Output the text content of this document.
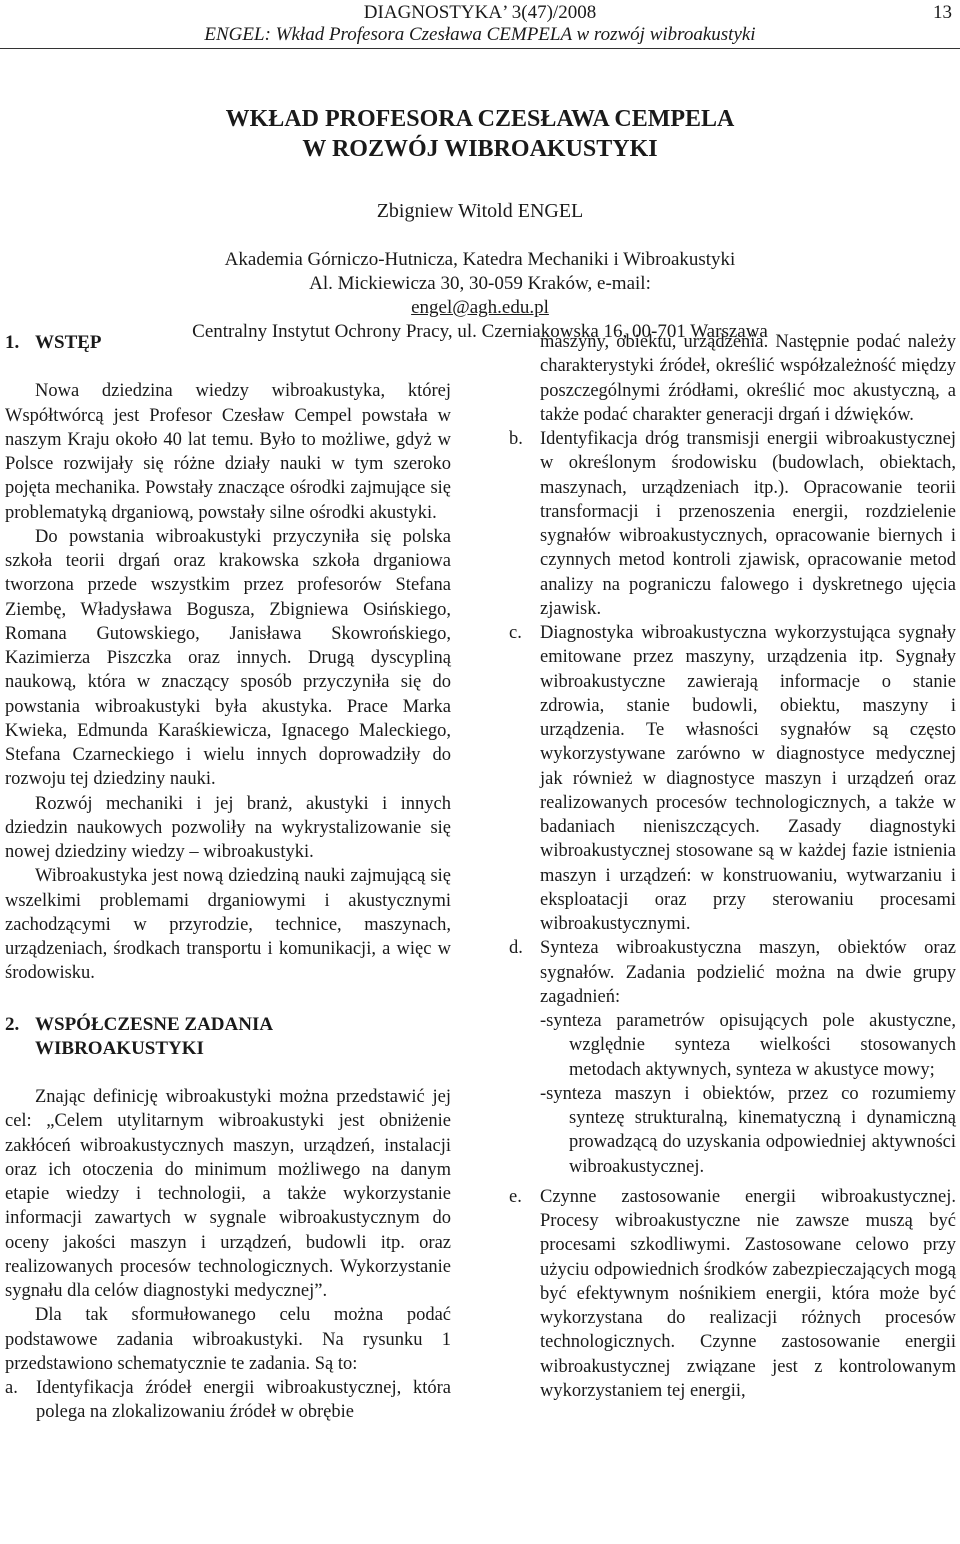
DIAGNOSTYKA’ 3(47)/2008
ENGEL: Wkład Profesora Czesława CEMPELA w rozwój wibroakustyki
13
WKŁAD PROFESORA CZESŁAWA CEMPELA
W ROZWÓJ WIBROAKUSTYKI
Zbigniew Witold ENGEL
Akademia Górniczo-Hutnicza, Katedra Mechaniki i Wibroakustyki
Al. Mickiewicza 30, 30-059 Kraków, e-mail:
engel@agh.edu.pl
Centralny Instytut Ochrony Pracy, ul. Czerniakowska 16, 00-701 Warszawa
1. WSTĘP

Nowa dziedzina wiedzy wibroakustyka, której Współtwórcą jest Profesor Czesław Cempel powstała w naszym Kraju około 40 lat temu. Było to możliwe, gdyż w Polsce rozwijały się różne działy nauki w tym szeroko pojęta mechanika. Powstały znaczące ośrodki zajmujące się problematyką drganiową, powstały silne ośrodki akustyki.

Do powstania wibroakustyki przyczyniła się polska szkoła teorii drgań oraz krakowska szkoła drganiowa tworzona przede wszystkim przez profesorów Stefana Ziembę, Władysława Bogusza, Zbigniewa Osińskiego, Romana Gutowskiego, Janisława Skowrońskiego, Kazimierza Piszczka oraz innych. Drugą dyscypliną naukową, która w znaczący sposób przyczyniła się do powstania wibroakustyki była akustyka. Prace Marka Kwieka, Edmunda Karaśkiewicza, Ignacego Maleckiego, Stefana Czarneckiego i wielu innych doprowadziły do rozwoju tej dziedziny nauki.

Rozwój mechaniki i jej branż, akustyki i innych dziedzin naukowych pozwoliły na wykrystalizowanie się nowej dziedziny wiedzy – wibroakustyki.

Wibroakustyka jest nową dziedziną nauki zajmującą się wszelkimi problemami drganiowymi i akustycznymi zachodzącymi w przyrodzie, technice, maszynach, urządzeniach, środkach transportu i komunikacji, a więc w środowisku.

2. WSPÓŁCZESNE ZADANIA
WIBROAKUSTYKI

Znając definicję wibroakustyki można przedstawić jej cel: „Celem utylitarnym wibroakustyki jest obniżenie zakłóceń wibroakustycznych maszyn, urządzeń, instalacji oraz ich otoczenia do minimum możliwego na danym etapie wiedzy i technologii, a także wykorzystanie informacji zawartych w sygnale wibroakustycznym do oceny jakości maszyn i urządzeń, budowli itp. oraz realizowanych procesów technologicznych. Wykorzystanie sygnału dla celów diagnostyki medycznej”.

Dla tak sformułowanego celu można podać podstawowe zadania wibroakustyki. Na rysunku 1 przedstawiono schematycznie te zadania. Są to:

a. Identyfikacja źródeł energii wibroakustycznej, która polega na zlokalizowaniu źródeł w obrębie
maszyny, obiektu, urządzenia. Następnie podać należy charakterystyki źródeł, określić współzależność między poszczególnymi źródłami, określić moc akustyczną, a także podać charakter generacji drgań i dźwięków.
b. Identyfikacja dróg transmisji energii wibroakustycznej w określonym środowisku (budowlach, obiektach, maszynach, urządzeniach itp.). Opracowanie teorii transformacji i przenoszenia energii, rozdzielenie sygnałów wibroakustycznych, opracowanie biernych i czynnych metod kontroli zjawisk, opracowanie metod analizy na pograniczu falowego i dyskretnego ujęcia zjawisk.
c. Diagnostyka wibroakustyczna wykorzystująca sygnały emitowane przez maszyny, urządzenia itp. Sygnały wibroakustyczne zawierają informacje o stanie zdrowia, stanie budowli, obiektu, maszyny i urządzenia. Te własności sygnałów są często wykorzystywane zarówno w diagnostyce medycznej jak również w diagnostyce maszyn i urządzeń oraz realizowanych procesów technologicznych, a także w badaniach nieniszczących. Zasady diagnostyki wibroakustycznej stosowane są w każdej fazie istnienia maszyn i urządzeń: w konstruowaniu, wytwarzaniu i eksploatacji oraz przy sterowaniu procesami wibroakustycznymi.
d. Synteza wibroakustyczna maszyn, obiektów oraz sygnałów. Zadania podzielić można na dwie grupy zagadnień:
-synteza parametrów opisujących pole akustyczne, względnie synteza wielkości stosowanych metodach aktywnych, synteza w akustyce mowy;
-synteza maszyn i obiektów, przez co rozumiemy syntezę strukturalną, kinematyczną i dynamiczną prowadzącą do uzyskania odpowiedniej aktywności wibroakustycznej.
e. Czynne zastosowanie energii wibroakustycznej. Procesy wibroakustyczne nie zawsze muszą być procesami szkodliwymi. Zastosowane celowo przy użyciu odpowiednich środków zabezpieczających mogą być efektywnym nośnikiem energii, która może być wykorzystana do realizacji różnych procesów technologicznych. Czynne zastosowanie energii wibroakustycznej związane jest z kontrolowanym wykorzystaniem tej energii,
